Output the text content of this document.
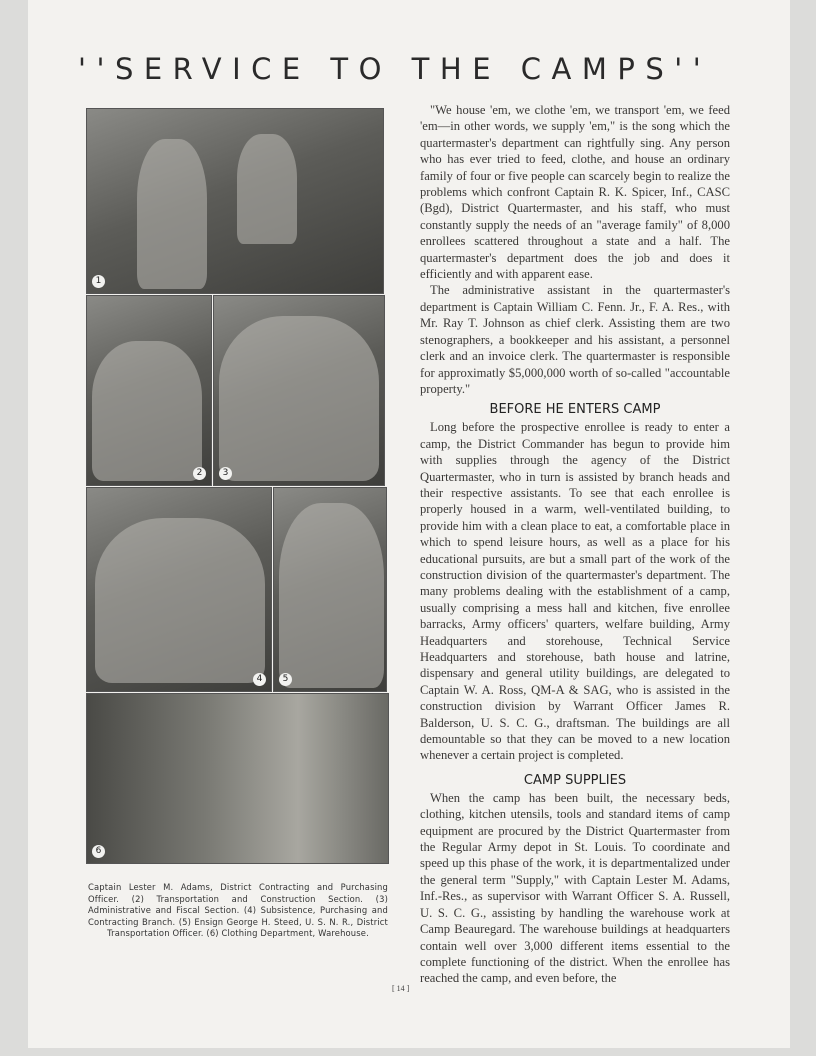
''SERVICE TO THE CAMPS''
1
2	3
4	5
6
Captain Lester M. Adams, District Contracting and Purchasing Officer. (2) Transportation and Construction Section. (3) Administrative and Fiscal Section. (4) Subsistence, Purchasing and Contracting Branch. (5) Ensign George H. Steed, U. S. N. R., District Transportation Officer. (6) Clothing Department, Warehouse.

"We house 'em, we clothe 'em, we transport 'em, we feed 'em—in other words, we supply 'em," is the song which the quartermaster's department can rightfully sing. Any person who has ever tried to feed, clothe, and house an ordinary family of four or five people can scarcely begin to realize the problems which confront Captain R. K. Spicer, Inf., CASC (Bgd), District Quartermaster, and his staff, who must constantly supply the needs of an "average family" of 8,000 enrollees scattered throughout a state and a half. The quartermaster's department does the job and does it efficiently and with apparent ease.

The administrative assistant in the quartermaster's department is Captain William C. Fenn. Jr., F. A. Res., with Mr. Ray T. Johnson as chief clerk. Assisting them are two stenographers, a bookkeeper and his assistant, a personnel clerk and an invoice clerk. The quartermaster is responsible for approximatly $5,000,000 worth of so-called "accountable property."

BEFORE HE ENTERS CAMP

Long before the prospective enrollee is ready to enter a camp, the District Commander has begun to provide him with supplies through the agency of the District Quartermaster, who in turn is assisted by branch heads and their respective assistants. To see that each enrollee is properly housed in a warm, well-ventilated building, to provide him with a clean place to eat, a comfortable place in which to spend leisure hours, as well as a place for his educational pursuits, are but a small part of the work of the construction division of the quartermaster's department. The many problems dealing with the establishment of a camp, usually comprising a mess hall and kitchen, five enrollee barracks, Army officers' quarters, welfare building, Army Headquarters and storehouse, Technical Service Headquarters and storehouse, bath house and latrine, dispensary and general utility buildings, are delegated to Captain W. A. Ross, QM-A & SAG, who is assisted in the construction division by Warrant Officer James R. Balderson, U. S. C. G., draftsman. The buildings are all demountable so that they can be moved to a new location whenever a certain project is completed.

CAMP SUPPLIES

When the camp has been built, the necessary beds, clothing, kitchen utensils, tools and standard items of camp equipment are procured by the District Quartermaster from the Regular Army depot in St. Louis. To coordinate and speed up this phase of the work, it is departmentalized under the general term "Supply," with Captain Lester M. Adams, Inf.-Res., as supervisor with Warrant Officer S. A. Russell, U. S. C. G., assisting by handling the warehouse work at Camp Beauregard. The warehouse buildings at headquarters contain well over 3,000 different items essential to the complete functioning of the district. When the enrollee has reached the camp, and even before, the

[ 14 ]
